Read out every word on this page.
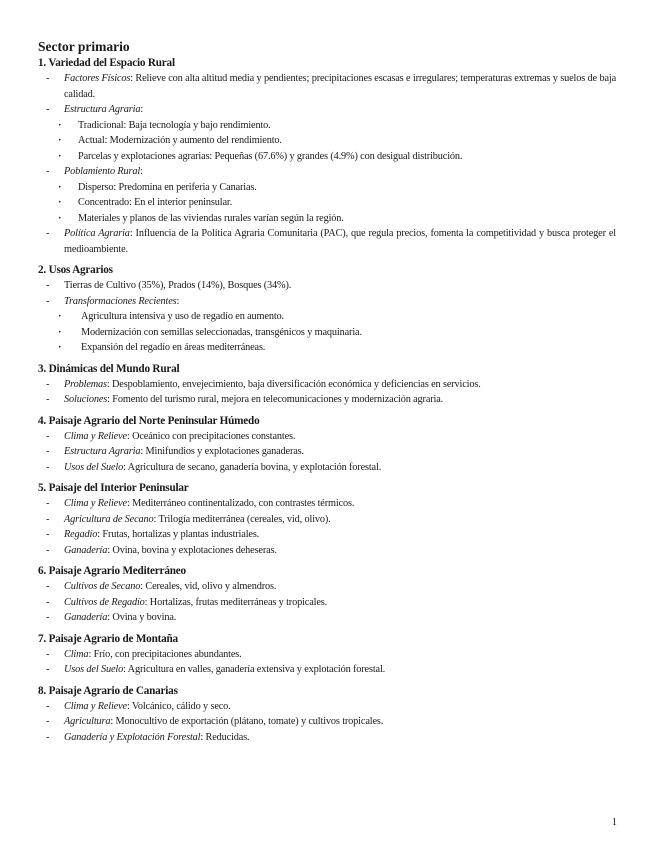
Sector primario
1. Variedad del Espacio Rural
- Factores Físicos: Relieve con alta altitud media y pendientes; precipitaciones escasas e irregulares; temperaturas extremas y suelos de baja calidad.
- Estructura Agraria:
· Tradicional: Baja tecnología y bajo rendimiento.
· Actual: Modernización y aumento del rendimiento.
· Parcelas y explotaciones agrarias: Pequeñas (67.6%) y grandes (4.9%) con desigual distribución.
- Poblamiento Rural:
· Disperso: Predomina en periferia y Canarias.
· Concentrado: En el interior peninsular.
· Materiales y planos de las viviendas rurales varían según la región.
- Política Agraria: Influencia de la Política Agraria Comunitaria (PAC), que regula precios, fomenta la competitividad y busca proteger el medioambiente.
2. Usos Agrarios
- Tierras de Cultivo (35%), Prados (14%), Bosques (34%).
- Transformaciones Recientes:
· Agricultura intensiva y uso de regadío en aumento.
· Modernización con semillas seleccionadas, transgénicos y maquinaria.
· Expansión del regadío en áreas mediterráneas.
3. Dinámicas del Mundo Rural
- Problemas: Despoblamiento, envejecimiento, baja diversificación económica y deficiencias en servicios.
- Soluciones: Fomento del turismo rural, mejora en telecomunicaciones y modernización agraria.
4. Paisaje Agrario del Norte Peninsular Húmedo
- Clima y Relieve: Oceánico con precipitaciones constantes.
- Estructura Agraria: Minifundios y explotaciones ganaderas.
- Usos del Suelo: Agricultura de secano, ganadería bovina, y explotación forestal.
5. Paisaje del Interior Peninsular
- Clima y Relieve: Mediterráneo continentalizado, con contrastes térmicos.
- Agricultura de Secano: Trilogía mediterránea (cereales, vid, olivo).
- Regadío: Frutas, hortalizas y plantas industriales.
- Ganadería: Ovina, bovina y explotaciones deheseras.
6. Paisaje Agrario Mediterráneo
- Cultivos de Secano: Cereales, vid, olivo y almendros.
- Cultivos de Regadío: Hortalizas, frutas mediterráneas y tropicales.
- Ganadería: Ovina y bovina.
7. Paisaje Agrario de Montaña
- Clima: Frío, con precipitaciones abundantes.
- Usos del Suelo: Agricultura en valles, ganadería extensiva y explotación forestal.
8. Paisaje Agrario de Canarias
- Clima y Relieve: Volcánico, cálido y seco.
- Agricultura: Monocultivo de exportación (plátano, tomate) y cultivos tropicales.
- Ganadería y Explotación Forestal: Reducidas.
1
